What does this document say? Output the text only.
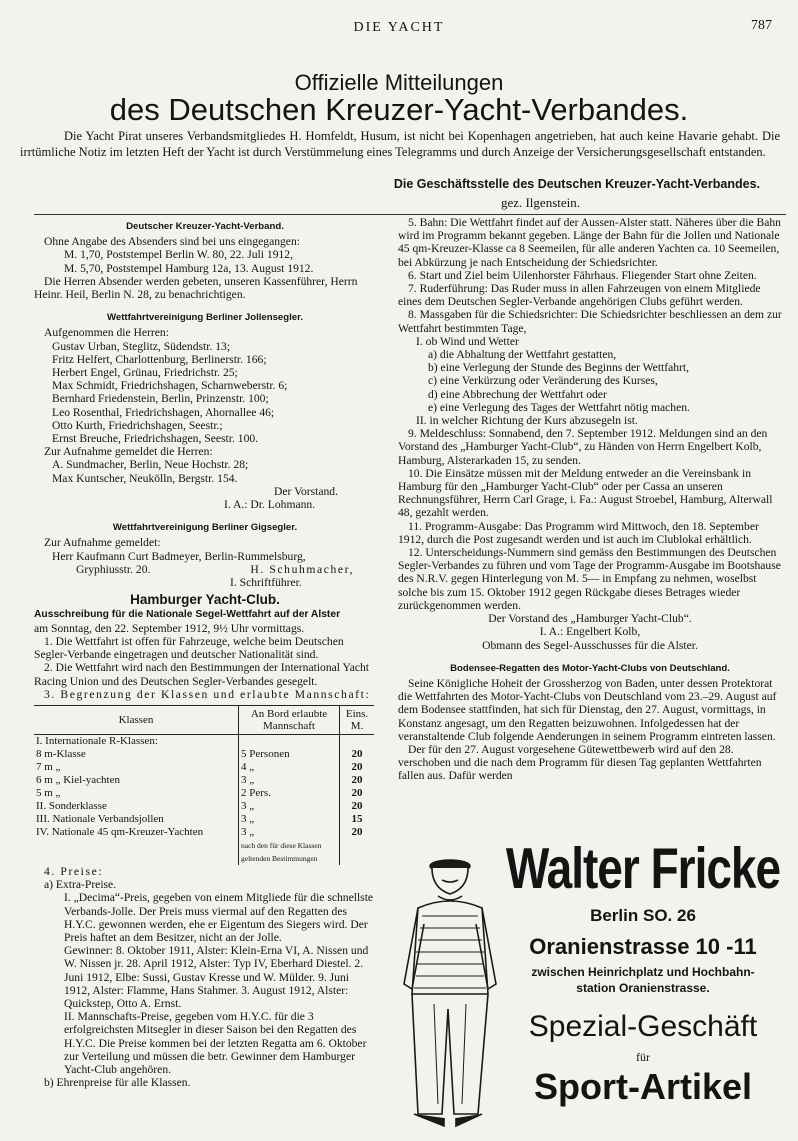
DIE YACHT	787
Offizielle Mitteilungen
des Deutschen Kreuzer-Yacht-Verbandes.

Die Yacht Pirat unseres Verbandsmitgliedes H. Homfeldt, Husum, ist nicht bei Kopenhagen angetrieben, hat auch keine Havarie gehabt. Die irrtümliche Notiz im letzten Heft der Yacht ist durch Verstümmelung eines Telegramms und durch Anzeige der Versicherungsgesellschaft entstanden.

Die Geschäftsstelle des Deutschen Kreuzer-Yacht-Verbandes.
gez. Ilgenstein.
Deutscher Kreuzer-Yacht-Verband.

Ohne Angabe des Absenders sind bei uns eingegangen:

M. 1,70, Poststempel Berlin W. 80, 22. Juli 1912,

M. 5,70, Poststempel Hamburg 12a, 13. August 1912.

Die Herren Absender werden gebeten, unseren Kassenführer, Herrn Heinr. Heil, Berlin N. 28, zu benachrichtigen.

Wettfahrtvereinigung Berliner Jollensegler.

Aufgenommen die Herren:

Gustav Urban, Steglitz, Südendstr. 13;

Fritz Helfert, Charlottenburg, Berlinerstr. 166;

Herbert Engel, Grünau, Friedrichstr. 25;

Max Schmidt, Friedrichshagen, Scharnweberstr. 6;

Bernhard Friedenstein, Berlin, Prinzenstr. 100;

Leo Rosenthal, Friedrichshagen, Ahornallee 46;

Otto Kurth, Friedrichshagen, Seestr.;

Ernst Breuche, Friedrichshagen, Seestr. 100.

Zur Aufnahme gemeldet die Herren:

A. Sundmacher, Berlin, Neue Hochstr. 28;

Max Kuntscher, Neukölln, Bergstr. 154.

Der Vorstand.

I. A.: Dr. Lohmann.

Wettfahrtvereinigung Berliner Gigsegler.

Zur Aufnahme gemeldet:

Herr Kaufmann Curt Badmeyer, Berlin-Rummelsburg,

Gryphiusstr. 20.	H. Schuhmacher,

I. Schriftführer.

Hamburger Yacht-Club.

Ausschreibung für die Nationale Segel-Wettfahrt auf der Alster

am Sonntag, den 22. September 1912, 9½ Uhr vormittags.

1. Die Wettfahrt ist offen für Fahrzeuge, welche beim Deutschen Segler-Verbande eingetragen und deutscher Nationalität sind.

2. Die Wettfahrt wird nach den Bestimmungen der International Yacht Racing Union und des Deutschen Segler-Verbandes gesegelt.

3. Begrenzung der Klassen und erlaubte Mannschaft:

Klassen	An Bord erlaubte Mannschaft	Eins. M.
I. Internationale R-Klassen:		
8 m-Klasse	5 Personen	20
7 m „	4 „	20
6 m „ Kiel-yachten	3 „	20
5 m „	2 Pers.	20
II. Sonderklasse	3 „	20
III. Nationale Verbandsjollen	3 „	15
IV. Nationale 45 qm-Kreuzer-Yachten	3 „	20
	nach den für diese Klassen geltenden Bestimmungen	

4. Preise:

a) Extra-Preise.

I. „Decima“-Preis, gegeben von einem Mitgliede für die schnellste Verbands-Jolle. Der Preis muss viermal auf den Regatten des H.Y.C. gewonnen werden, ehe er Eigentum des Siegers wird. Der Preis haftet an dem Besitzer, nicht an der Jolle.

Gewinner: 8. Oktober 1911, Alster: Klein-Erna VI, A. Nissen und W. Nissen jr. 28. April 1912, Alster: Typ IV, Eberhard Diestel. 2. Juni 1912, Elbe: Sussi, Gustav Kresse und W. Mülder. 9. Juni 1912, Alster: Flamme, Hans Stahmer. 3. August 1912, Alster: Quickstep, Otto A. Ernst.

II. Mannschafts-Preise, gegeben vom H.Y.C. für die 3 erfolgreichsten Mitsegler in dieser Saison bei den Regatten des H.Y.C. Die Preise kommen bei der letzten Regatta am 6. Oktober zur Verteilung und müssen die betr. Gewinner dem Hamburger Yacht-Club angehören.

b) Ehrenpreise für alle Klassen.

5. Bahn: Die Wettfahrt findet auf der Aussen-Alster statt. Näheres über die Bahn wird im Programm bekannt gegeben. Länge der Bahn für die Jollen und Nationale 45 qm-Kreuzer-Klasse ca 8 Seemeilen, für alle anderen Yachten ca. 10 Seemeilen, bei Abkürzung je nach Entscheidung der Schiedsrichter.

6. Start und Ziel beim Uilenhorster Fährhaus. Fliegender Start ohne Zeiten.

7. Ruderführung: Das Ruder muss in allen Fahrzeugen von einem Mitgliede eines dem Deutschen Segler-Verbande angehörigen Clubs geführt werden.

8. Massgaben für die Schiedsrichter: Die Schiedsrichter beschliessen an dem zur Wettfahrt bestimmten Tage,

I. ob Wind und Wetter

a) die Abhaltung der Wettfahrt gestatten,

b) eine Verlegung der Stunde des Beginns der Wettfahrt,

c) eine Verkürzung oder Veränderung des Kurses,

d) eine Abbrechung der Wettfahrt oder

e) eine Verlegung des Tages der Wettfahrt nötig machen.

II. in welcher Richtung der Kurs abzusegeln ist.

9. Meldeschluss: Sonnabend, den 7. September 1912. Meldungen sind an den Vorstand des „Hamburger Yacht-Club“, zu Händen von Herrn Engelbert Kolb, Hamburg, Alsterarkaden 15, zu senden.

10. Die Einsätze müssen mit der Meldung entweder an die Vereinsbank in Hamburg für den „Hamburger Yacht-Club“ oder per Cassa an unseren Rechnungsführer, Herrn Carl Grage, i. Fa.: August Stroebel, Hamburg, Alterwall 48, gezahlt werden.

11. Programm-Ausgabe: Das Programm wird Mittwoch, den 18. September 1912, durch die Post zugesandt werden und ist auch im Clublokal erhältlich.

12. Unterscheidungs-Nummern sind gemäss den Bestimmungen des Deutschen Segler-Verbandes zu führen und vom Tage der Programm-Ausgabe im Bootshause des N.R.V. gegen Hinterlegung von M. 5— in Empfang zu nehmen, woselbst solche bis zum 15. Oktober 1912 gegen Rückgabe dieses Betrages wieder zurückgenommen werden.

Der Vorstand des „Hamburger Yacht-Club“.

I. A.: Engelbert Kolb,

Obmann des Segel-Ausschusses für die Alster.

Bodensee-Regatten des Motor-Yacht-Clubs von Deutschland.

Seine Königliche Hoheit der Grossherzog von Baden, unter dessen Protektorat die Wettfahrten des Motor-Yacht-Clubs von Deutschland vom 23.–29. August auf dem Bodensee stattfinden, hat sich für Dienstag, den 27. August, vormittags, in Konstanz angesagt, um den Regatten beizuwohnen. Infolgedessen hat der veranstaltende Club folgende Aenderungen in seinem Programm eintreten lassen.

Der für den 27. August vorgesehene Gütewettbewerb wird auf den 28. verschoben und die nach dem Programm für diesen Tag geplanten Wettfahrten fallen aus. Dafür werden

Walter Fricke
Berlin SO. 26
Oranienstrasse 10 -11
zwischen Heinrichplatz und Hochbahn-
station Oranienstrasse.
Spezial-Geschäft
für
Sport-Artikel
